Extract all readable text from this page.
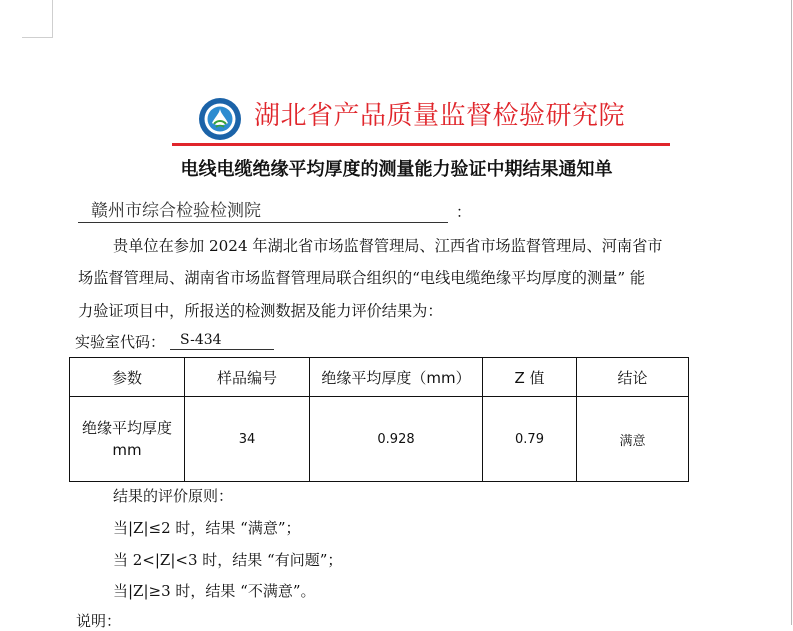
湖北省产品质量监督检验研究院
电线电缆绝缘平均厚度的测量能力验证中期结果通知单
赣州市综合检验检测院	：
贵单位在参加 2024 年湖北省市场监督管理局、江西省市场监督管理局、河南省市
场监督管理局、湖南省市场监督管理局联合组织的“电线电缆绝缘平均厚度的测量” 能
力验证项目中，所报送的检测数据及能力评价结果为：
实验室代码：	S-434
参数	样品编号	绝缘平均厚度（mm）	Z 值	结论
绝缘平均厚度
mm	34	0.928	0.79	满意
结果的评价原则：
当|Z|≤2 时，结果 “满意”；
当 2<|Z|<3 时，结果 “有问题”；
当|Z|≥3 时，结果 “不满意”。
说明：
